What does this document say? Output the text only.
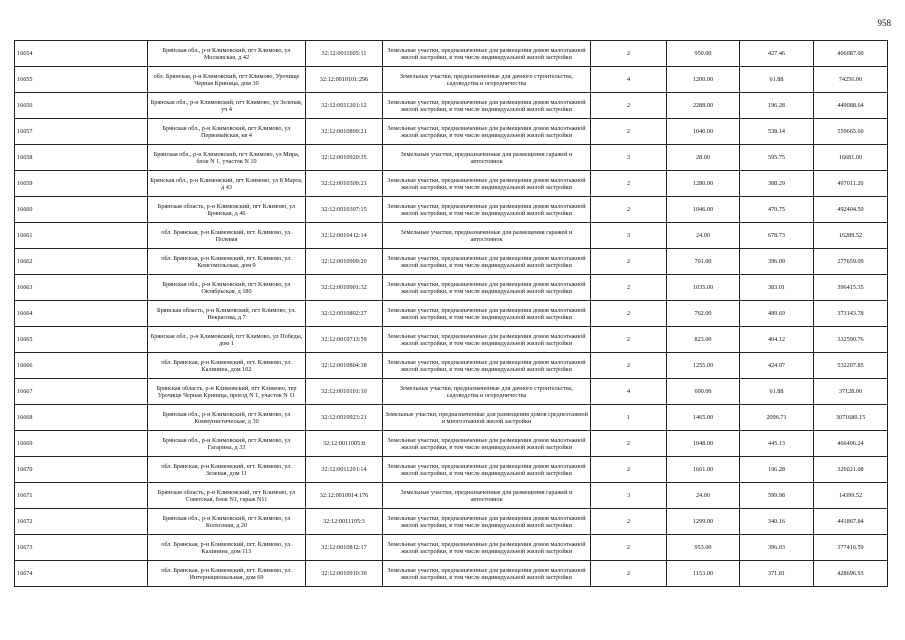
958
16654	Брянская обл., р-н Климовский, пгт Климово, ул Московская, д 42	32:12:0011005:11	Земельные участки, предназначенные для размещения домов малоэтажной жилой застройки, в том числе индивидуальной жилой застройки	2	950.00	427.46	406087.00
16655	обл. Брянская, р-н Климовский, пгт Климово, Урочище Черная Криница, дом 30	32:12:0010101:296	Земельные участки, предназначенные для дачного строительства, садоводства и огородничества	4	1200.00	61.88	74256.00
16656	Брянская обл., р-н Климовский, пгт Климово, ул Зеленая, уч 4	32:12:0011201:12	Земельные участки, предназначенные для размещения домов малоэтажной жилой застройки, в том числе индивидуальной жилой застройки	2	2288.00	196.28	449088.64
16657	Брянская обл., р-н Климовский, пгт Климово, ул Первомайская, кв 4	32:12:0010809:21	Земельные участки, предназначенные для размещения домов малоэтажной жилой застройки, в том числе индивидуальной жилой застройки	2	1040.00	538.14	559665.60
16658	Брянская обл., р-н Климовский, пгт Климово, ул Мира, блок N 1, участок N 10	32:12:0010920:35	Земельные участки, предназначенные для размещения гаражей и автостоянок	3	28.00	595.75	16681.00
16659	Брянская обл., р-н Климовский, пгт Климово, ул 8 Марта, д 43	32:12:0010309:21	Земельные участки, предназначенные для размещения домов малоэтажной жилой застройки, в том числе индивидуальной жилой застройки	2	1280.00	388.29	497011.20
16660	Брянская область, р-н Климовский, пгт Климово, ул Брянская, д 46	32:12:0010307:15	Земельные участки, предназначенные для размещения домов малоэтажной жилой застройки, в том числе индивидуальной жилой застройки	2	1046.00	470.75	492404.50
16661	обл. Брянская, р-н Климовский, пгт. Климово, ул. Полевая	32:12:0010412:14	Земельные участки, предназначенные для размещения гаражей и автостоянок	3	24.00	678.73	16289.52
16662	обл. Брянская, р-н Климовский, пгт. Климово, ул. Комсомольская, дом 9	32:12:0010909:20	Земельные участки, предназначенные для размещения домов малоэтажной жилой застройки, в том числе индивидуальной жилой застройки	2	701.00	396.09	277659.09
16663	Брянская обл., р-н Климовский, пгт Климово, ул Октябрьская, д 180	32:12:0010901:32	Земельные участки, предназначенные для размещения домов малоэтажной жилой застройки, в том числе индивидуальной жилой застройки	2	1035.00	383.01	396415.35
16664	Брянская область, р-н Климовский, пгт Климово, ул. Некрасова, д 7	32:12:0010802:27	Земельные участки, предназначенные для размещения домов малоэтажной жилой застройки, в том числе индивидуальной жилой застройки	2	762.00	489.69	373143.78
16665	Брянская обл., р-н Климовский, пгт Климово, ул Победы, дом 1	32:12:0010713:59	Земельные участки, предназначенные для размещения домов малоэтажной жилой застройки, в том числе индивидуальной жилой застройки	2	823.00	404.12	332590.76
16666	обл. Брянская, р-н Климовский, пгт. Климово, ул. Калинина, дом 102	32:12:0010804:38	Земельные участки, предназначенные для размещения домов малоэтажной жилой застройки, в том числе индивидуальной жилой застройки	2	1255.00	424.07	532207.85
16667	Брянская область, р-н Климовский, пгт Климово, тер Урочище Черная Криница, проезд N 1, участок N 11	32:12:0010101:10	Земельные участки, предназначенные для дачного строительства, садоводства и огородничества	4	600.00	61.88	37128.00
16668	Брянская обл., р-н Климовский, пгт Климово, ул Коммунистическая, д 30	32:12:0010923:21	Земельные участки, предназначенные для размещения домов среднеэтажной и многоэтажной жилой застройки	1	1465.00	2096.71	3071680.15
16669	Брянская обл., р-н Климовский, пгт Климово, ул Гагарина, д 33	32:12:0011005:8	Земельные участки, предназначенные для размещения домов малоэтажной жилой застройки, в том числе индивидуальной жилой застройки	2	1048.00	445.13	466496.24
16670	обл. Брянская, р-н Климовский, пгт. Климово, ул. Зеленая, дом 11	32:12:0011201:14	Земельные участки, предназначенные для размещения домов малоэтажной жилой застройки, в том числе индивидуальной жилой застройки	2	1661.00	196.28	326021.08
16671	Брянская область, р-н Климовский, пгт Климово, ул Советская, блок N1, гараж N11	32:12:0010914:176	Земельные участки, предназначенные для размещения гаражей и автостоянок	3	24.00	599.98	14399.52
16672	Брянская обл., р-н Климовский, пгт Климово, ул Колхозная, д 20	32:12:0011105:3	Земельные участки, предназначенные для размещения домов малоэтажной жилой застройки, в том числе индивидуальной жилой застройки	2	1299.00	340.16	441867.84
16673	обл. Брянская, р-н Климовский, пгт. Климово, ул. Калинина, дом 113	32:12:0010812:17	Земельные участки, предназначенные для размещения домов малоэтажной жилой застройки, в том числе индивидуальной жилой застройки	2	953.00	396.03	377416.59
16674	обл. Брянская, р-н Климовский, пгт. Климово, ул. Интернациональная, дом 69	32:12:0010910:30	Земельные участки, предназначенные для размещения домов малоэтажной жилой застройки, в том числе индивидуальной жилой застройки	2	1153.00	371.81	428696.93
